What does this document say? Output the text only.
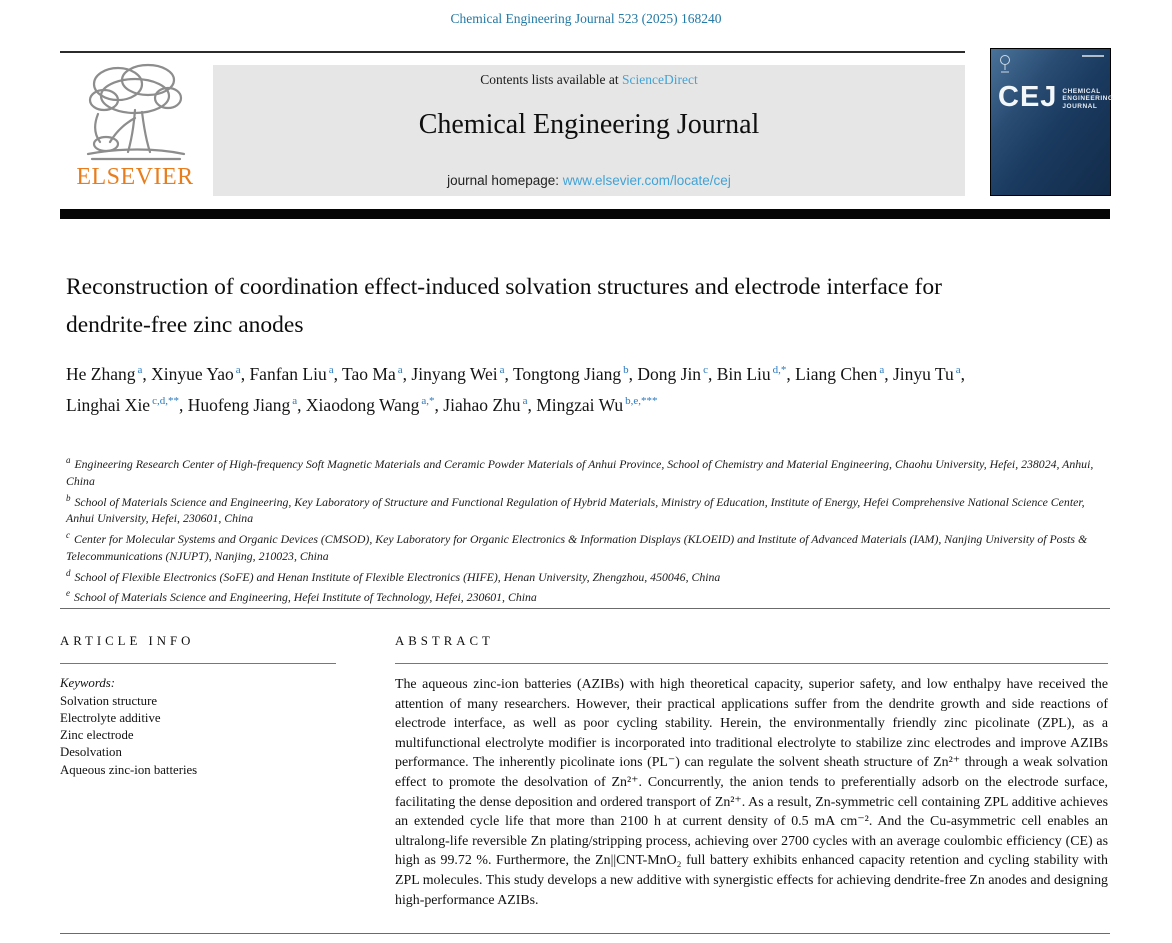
Chemical Engineering Journal 523 (2025) 168240
ELSEVIER
Contents lists available at ScienceDirect
Chemical Engineering Journal
journal homepage: www.elsevier.com/locate/cej
CEJ CHEMICAL
ENGINEERING
JOURNAL
Reconstruction of coordination effect-induced solvation structures and electrode interface for dendrite-free zinc anodes
He Zhang $^a$, Xinyue Yao $^a$, Fanfan Liu $^a$, Tao Ma $^a$, Jinyang Wei $^a$, Tongtong Jiang $^b$, Dong Jin $^c$, Bin Liu $^{d,*}$, Liang Chen $^a$, Jinyu Tu $^a$, Linghai Xie $^{c,d,**}$, Huofeng Jiang $^a$, Xiaodong Wang $^{a,*}$, Jiahao Zhu $^a$, Mingzai Wu $^{b,e,***}$
$^a$ Engineering Research Center of High-frequency Soft Magnetic Materials and Ceramic Powder Materials of Anhui Province, School of Chemistry and Material Engineering, Chaohu University, Hefei, 238024, Anhui, China
$^b$ School of Materials Science and Engineering, Key Laboratory of Structure and Functional Regulation of Hybrid Materials, Ministry of Education, Institute of Energy, Hefei Comprehensive National Science Center, Anhui University, Hefei, 230601, China
$^c$ Center for Molecular Systems and Organic Devices (CMSOD), Key Laboratory for Organic Electronics & Information Displays (KLOEID) and Institute of Advanced Materials (IAM), Nanjing University of Posts & Telecommunications (NJUPT), Nanjing, 210023, China
$^d$ School of Flexible Electronics (SoFE) and Henan Institute of Flexible Electronics (HIFE), Henan University, Zhengzhou, 450046, China
$^e$ School of Materials Science and Engineering, Hefei Institute of Technology, Hefei, 230601, China
ARTICLE INFO
Keywords:
Solvation structure
Electrolyte additive
Zinc electrode
Desolvation
Aqueous zinc-ion batteries
ABSTRACT

The aqueous zinc-ion batteries (AZIBs) with high theoretical capacity, superior safety, and low enthalpy have received the attention of many researchers. However, their practical applications suffer from the dendrite growth and side reactions of electrode interface, as well as poor cycling stability. Herein, the environmentally friendly zinc picolinate (ZPL), as a multifunctional electrolyte modifier is incorporated into traditional electrolyte to stabilize zinc electrodes and improve AZIBs performance. The inherently picolinate ions (PL⁻) can regulate the solvent sheath structure of Zn²⁺ through a weak solvation effect to promote the desolvation of Zn²⁺. Concurrently, the anion tends to preferentially adsorb on the electrode surface, facilitating the dense deposition and ordered transport of Zn²⁺. As a result, Zn-symmetric cell containing ZPL additive achieves an extended cycle life that more than 2100 h at current density of 0.5 mA cm⁻². And the Cu-asymmetric cell enables an ultralong-life reversible Zn plating/stripping process, achieving over 2700 cycles with an average coulombic efficiency (CE) as high as 99.72 %. Furthermore, the Zn||CNT-MnO₂ full battery exhibits enhanced capacity retention and cycling stability with ZPL molecules. This study develops a new additive with synergistic effects for achieving dendrite-free Zn anodes and designing high-performance AZIBs.
